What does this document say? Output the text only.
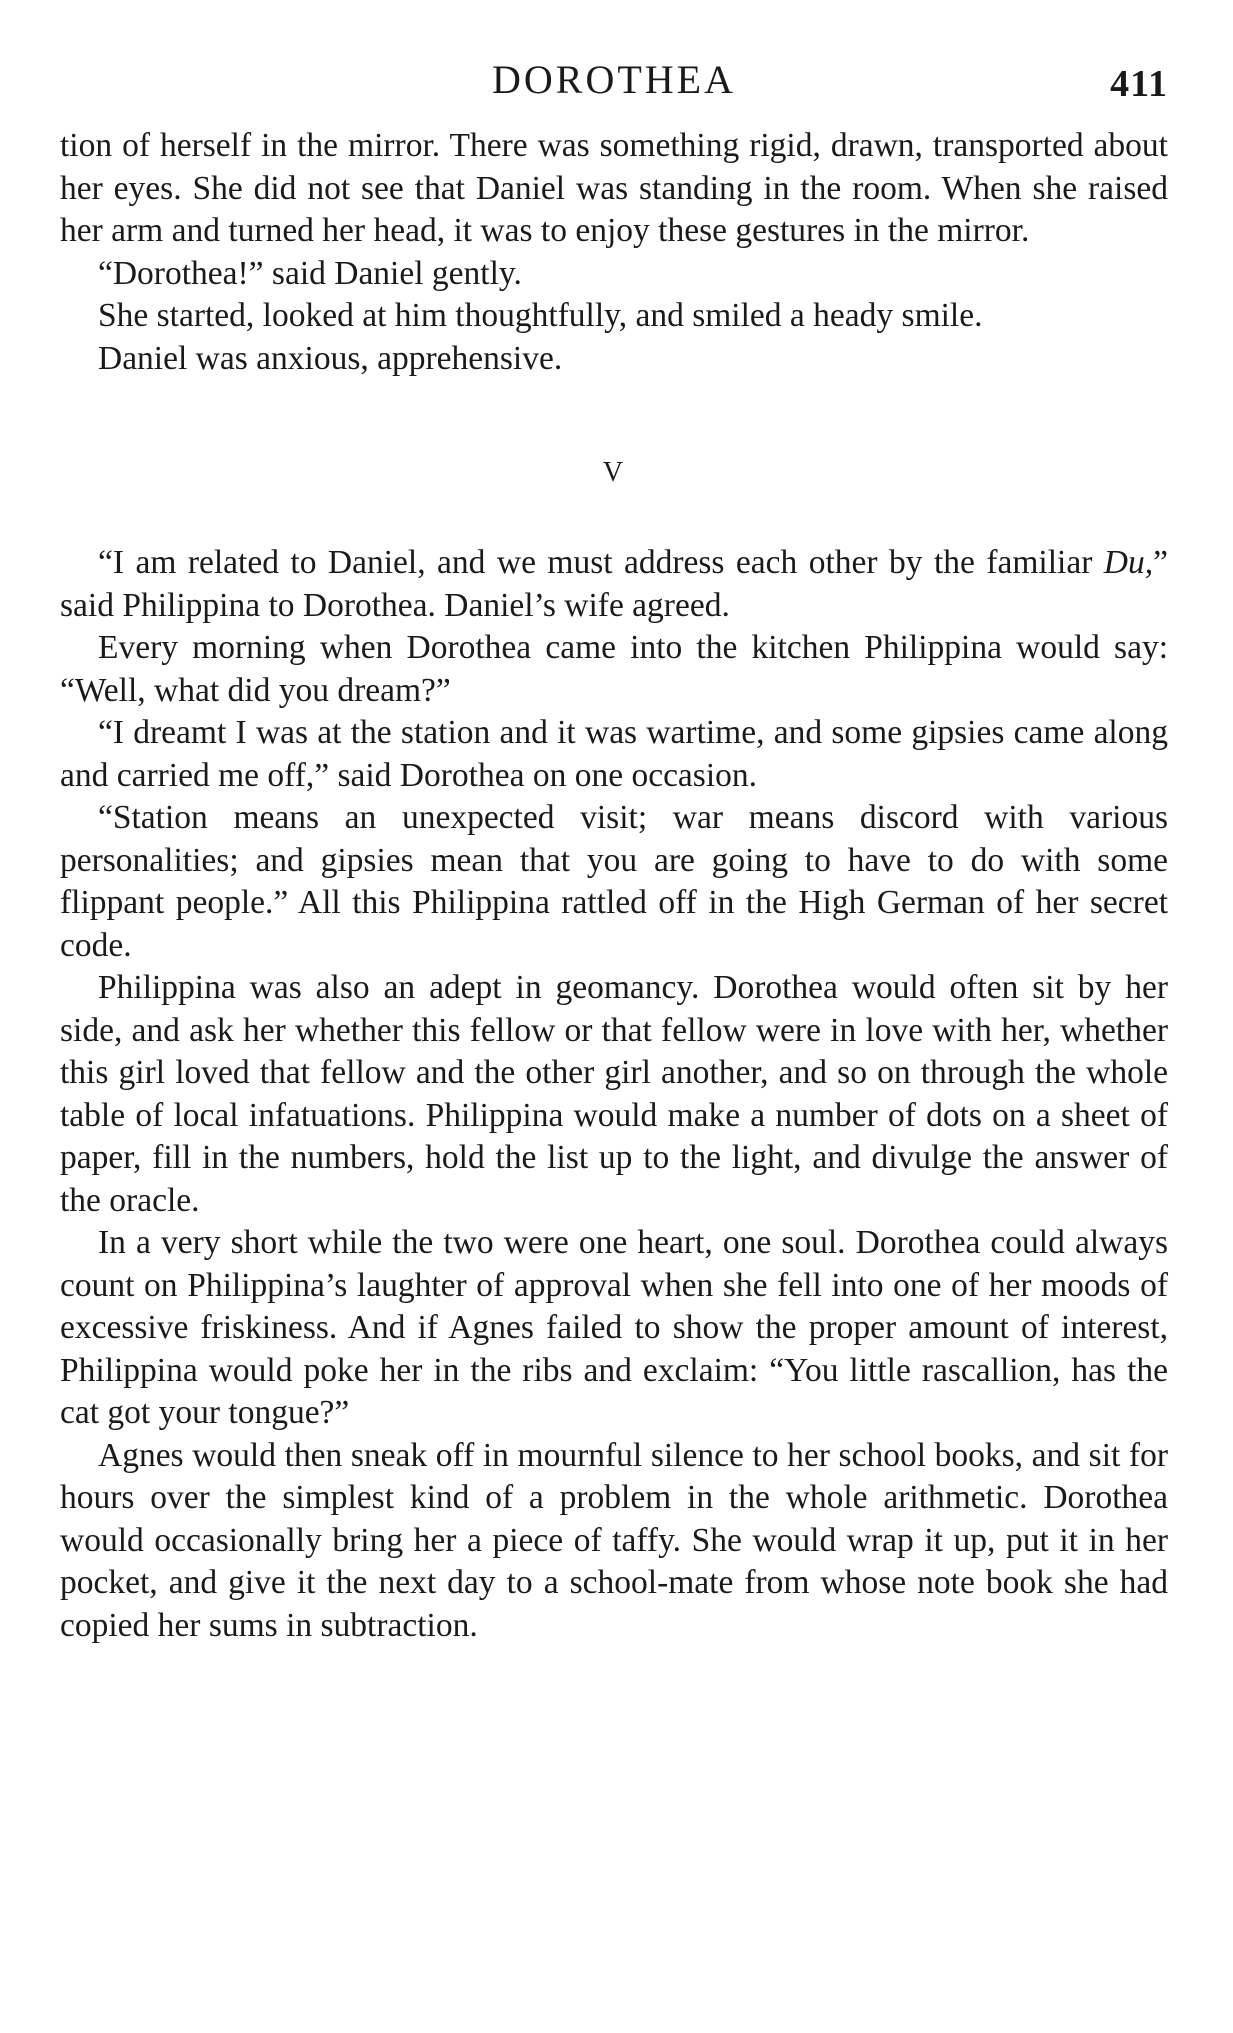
DOROTHEA	411

tion of herself in the mirror. There was something rigid, drawn, transported about her eyes. She did not see that Daniel was standing in the room. When she raised her arm and turned her head, it was to enjoy these gestures in the mirror.

“Dorothea!” said Daniel gently.

She started, looked at him thoughtfully, and smiled a heady smile.

Daniel was anxious, apprehensive.

V

“I am related to Daniel, and we must address each other by the familiar Du,” said Philippina to Dorothea. Daniel’s wife agreed.

Every morning when Dorothea came into the kitchen Philippina would say: “Well, what did you dream?”

“I dreamt I was at the station and it was wartime, and some gipsies came along and carried me off,” said Dorothea on one occasion.

“Station means an unexpected visit; war means discord with various personalities; and gipsies mean that you are going to have to do with some flippant people.” All this Philippina rattled off in the High German of her secret code.

Philippina was also an adept in geomancy. Dorothea would often sit by her side, and ask her whether this fellow or that fellow were in love with her, whether this girl loved that fellow and the other girl another, and so on through the whole table of local infatuations. Philippina would make a number of dots on a sheet of paper, fill in the numbers, hold the list up to the light, and divulge the answer of the oracle.

In a very short while the two were one heart, one soul. Dorothea could always count on Philippina’s laughter of approval when she fell into one of her moods of excessive friskiness. And if Agnes failed to show the proper amount of interest, Philippina would poke her in the ribs and exclaim: “You little rascallion, has the cat got your tongue?”

Agnes would then sneak off in mournful silence to her school books, and sit for hours over the simplest kind of a problem in the whole arithmetic. Dorothea would occasionally bring her a piece of taffy. She would wrap it up, put it in her pocket, and give it the next day to a school-mate from whose note book she had copied her sums in subtraction.
